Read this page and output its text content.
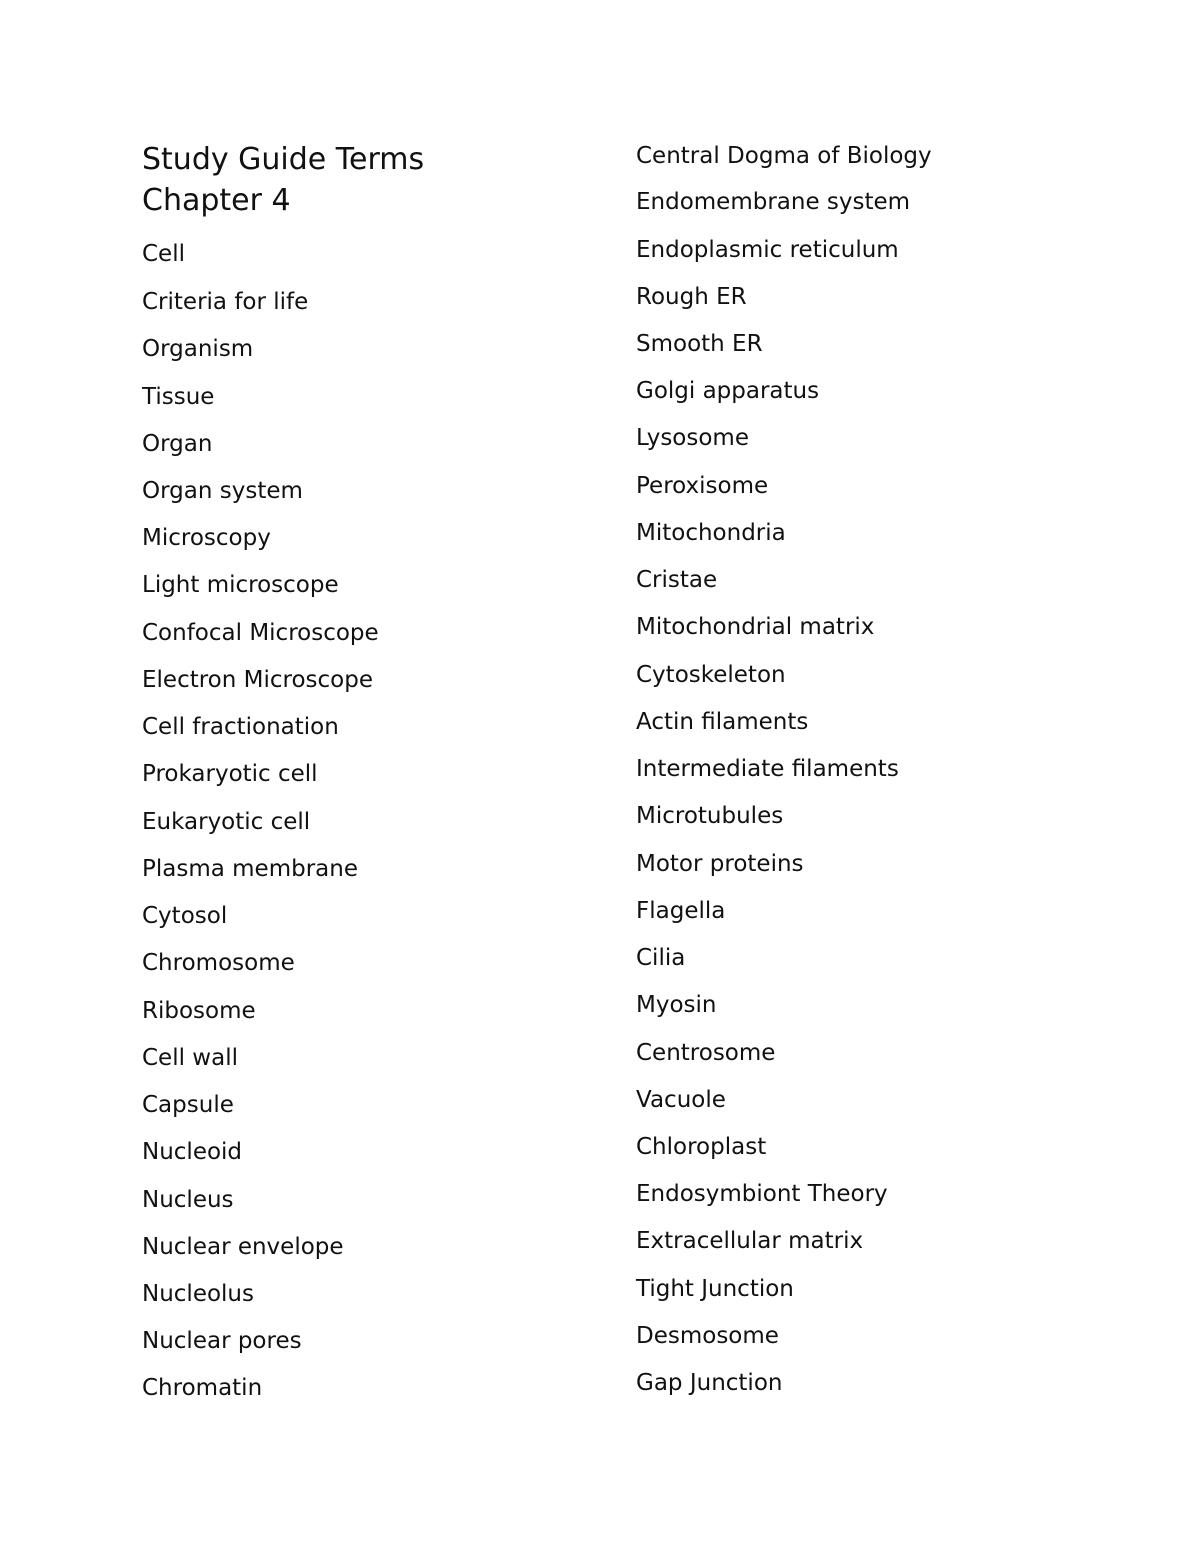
Study Guide Terms
Chapter 4
Cell
Criteria for life
Organism
Tissue
Organ
Organ system
Microscopy
Light microscope
Confocal Microscope
Electron Microscope
Cell fractionation
Prokaryotic cell
Eukaryotic cell
Plasma membrane
Cytosol
Chromosome
Ribosome
Cell wall
Capsule
Nucleoid
Nucleus
Nuclear envelope
Nucleolus
Nuclear pores
Chromatin
Central Dogma of Biology
Endomembrane system
Endoplasmic reticulum
Rough ER
Smooth ER
Golgi apparatus
Lysosome
Peroxisome
Mitochondria
Cristae
Mitochondrial matrix
Cytoskeleton
Actin filaments
Intermediate filaments
Microtubules
Motor proteins
Flagella
Cilia
Myosin
Centrosome
Vacuole
Chloroplast
Endosymbiont Theory
Extracellular matrix
Tight Junction
Desmosome
Gap Junction
